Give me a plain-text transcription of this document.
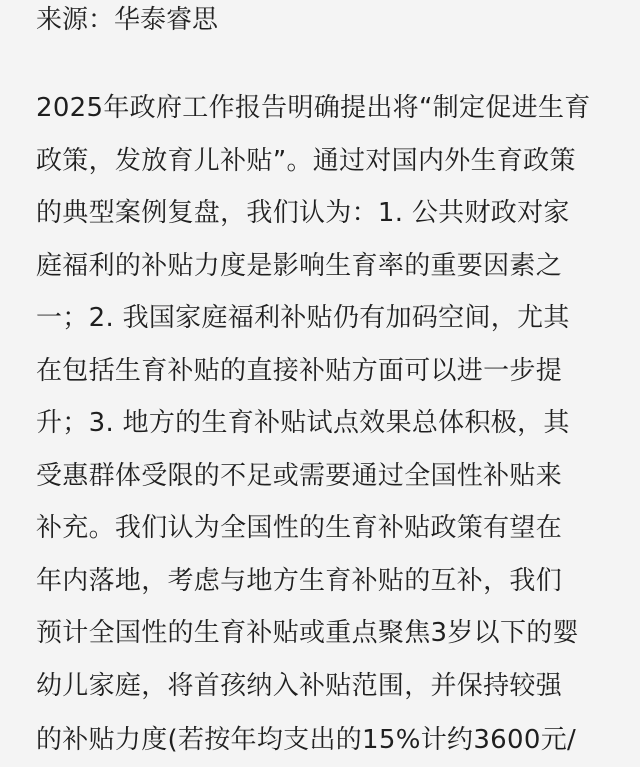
来源：华泰睿思
2025年政府工作报告明确提出将“制定促进生育
政策，发放育儿补贴”。通过对国内外生育政策
的典型案例复盘，我们认为：1. 公共财政对家
庭福利的补贴力度是影响生育率的重要因素之
一；2. 我国家庭福利补贴仍有加码空间，尤其
在包括生育补贴的直接补贴方面可以进一步提
升；3. 地方的生育补贴试点效果总体积极，其
受惠群体受限的不足或需要通过全国性补贴来
补充。我们认为全国性的生育补贴政策有望在
年内落地，考虑与地方生育补贴的互补，我们
预计全国性的生育补贴或重点聚焦3岁以下的婴
幼儿家庭，将首孩纳入补贴范围，并保持较强
的补贴力度(若按年均支出的15%计约3600元/
